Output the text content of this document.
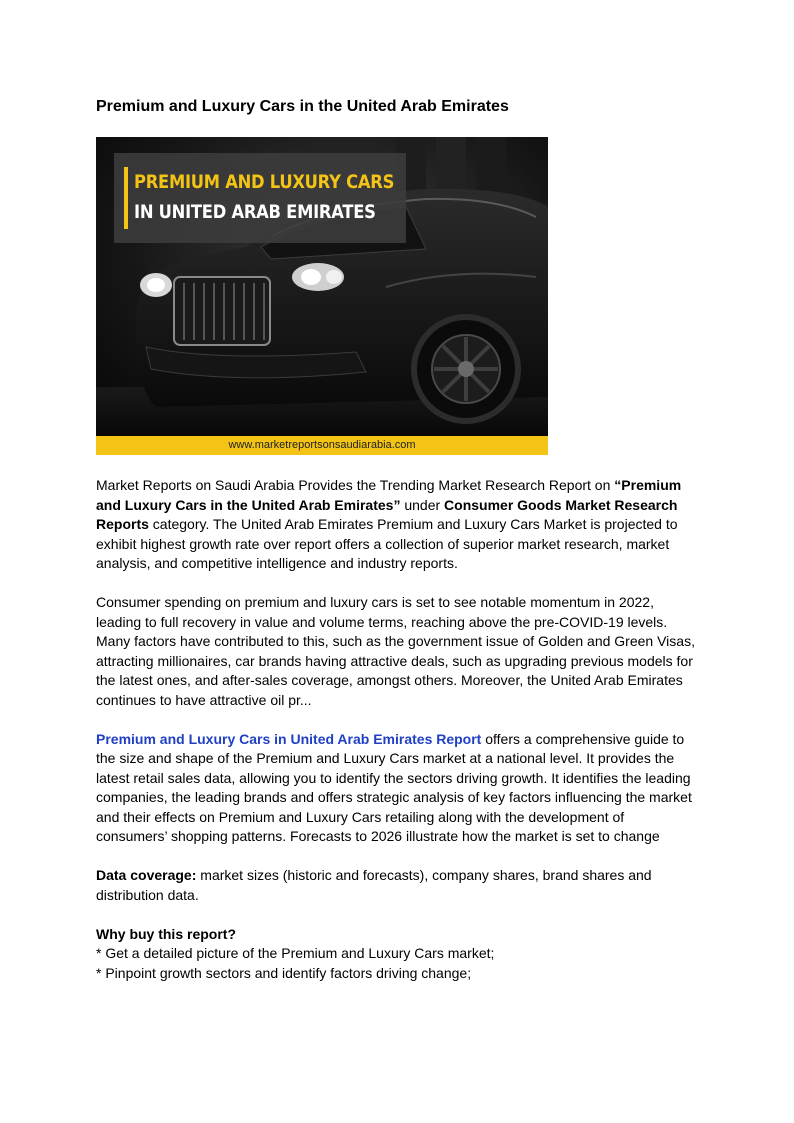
Premium and Luxury Cars in the United Arab Emirates
PREMIUM AND LUXURY CARS
IN UNITED ARAB EMIRATES
www.marketreportsonsaudiarabia.com

Market Reports on Saudi Arabia Provides the Trending Market Research Report on “Premium and Luxury Cars in the United Arab Emirates” under Consumer Goods Market Research Reports category. The United Arab Emirates Premium and Luxury Cars Market is projected to exhibit highest growth rate over report offers a collection of superior market research, market analysis, and competitive intelligence and industry reports.

Consumer spending on premium and luxury cars is set to see notable momentum in 2022, leading to full recovery in value and volume terms, reaching above the pre-COVID-19 levels. Many factors have contributed to this, such as the government issue of Golden and Green Visas, attracting millionaires, car brands having attractive deals, such as upgrading previous models for the latest ones, and after-sales coverage, amongst others. Moreover, the United Arab Emirates continues to have attractive oil pr...

Premium and Luxury Cars in United Arab Emirates Report offers a comprehensive guide to the size and shape of the Premium and Luxury Cars market at a national level. It provides the latest retail sales data, allowing you to identify the sectors driving growth. It identifies the leading companies, the leading brands and offers strategic analysis of key factors influencing the market and their effects on Premium and Luxury Cars retailing along with the development of consumers’ shopping patterns. Forecasts to 2026 illustrate how the market is set to change

Data coverage: market sizes (historic and forecasts), company shares, brand shares and distribution data.

Why buy this report?

* Get a detailed picture of the Premium and Luxury Cars market;

* Pinpoint growth sectors and identify factors driving change;
